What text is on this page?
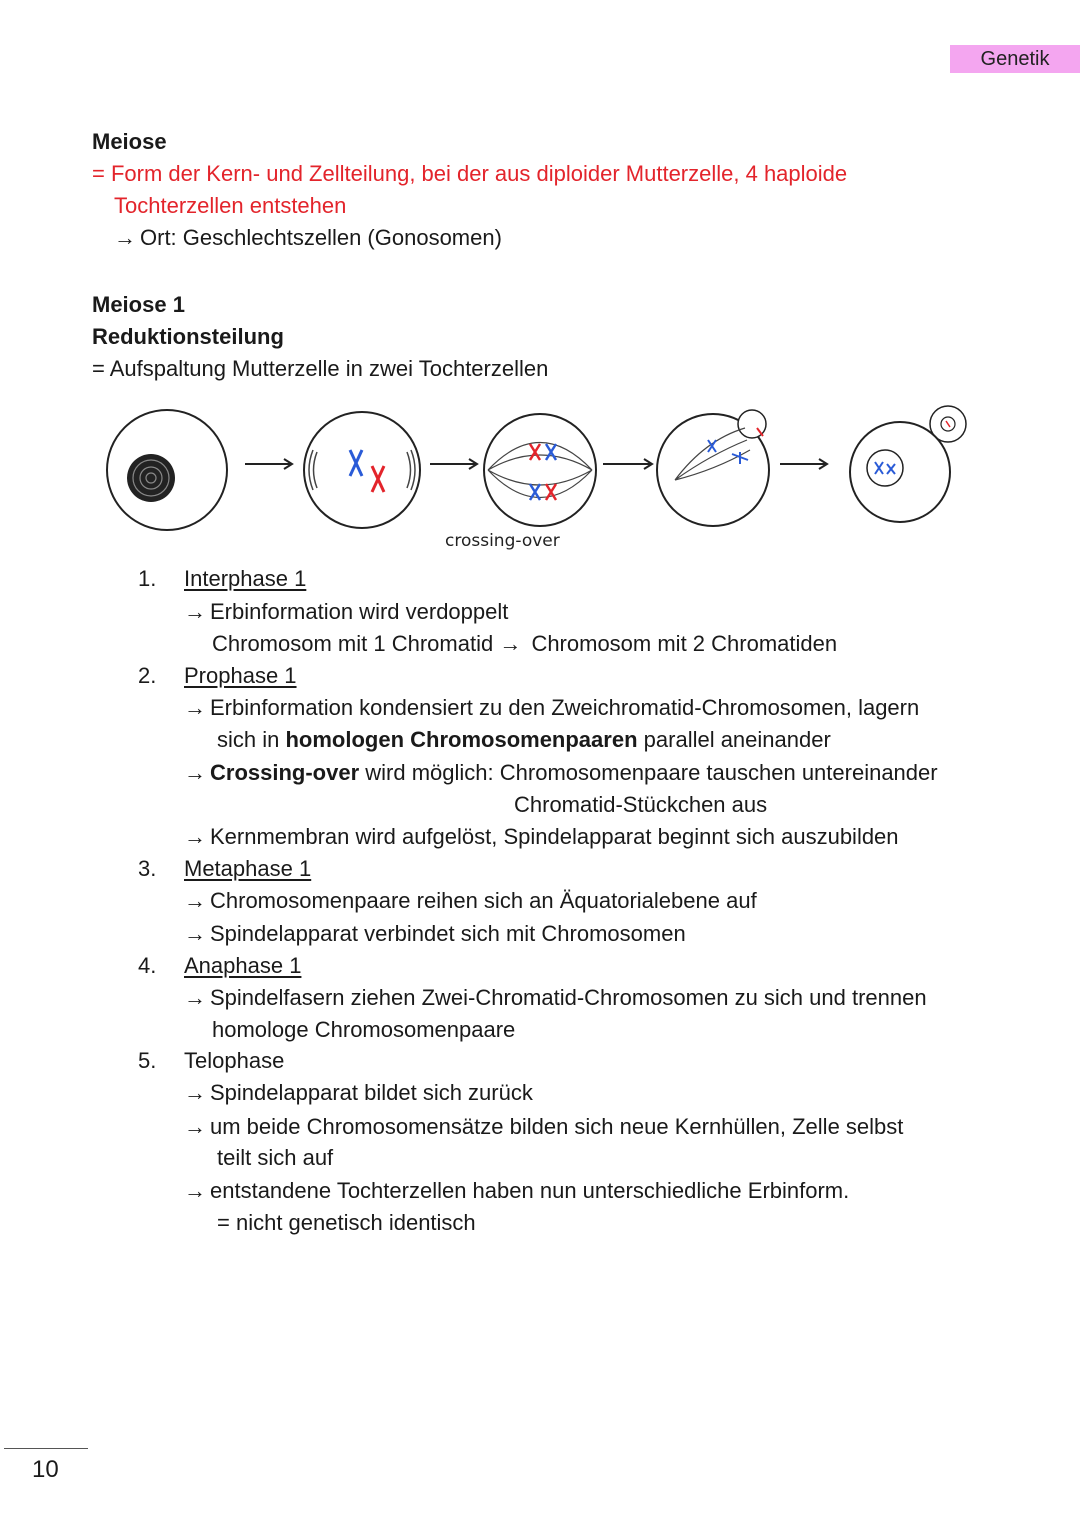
Genetik
Meiose
= Form der Kern- und Zellteilung, bei der aus diploider Mutterzelle, 4 haploide
Tochterzellen entstehen
→ Ort: Geschlechtszellen (Gonosomen)
Meiose 1
Reduktionsteilung
= Aufspaltung Mutterzelle in zwei Tochterzellen
crossing-over
1. Interphase 1
→ Erbinformation wird verdoppelt
Chromosom mit 1 Chromatid → Chromosom mit 2 Chromatiden
2. Prophase 1
→ Erbinformation kondensiert zu den Zweichromatid-Chromosomen, lagern
sich in homologen Chromosomenpaaren parallel aneinander
→ Crossing-over wird möglich: Chromosomenpaare tauschen untereinander
Chromatid-Stückchen aus
→ Kernmembran wird aufgelöst, Spindelapparat beginnt sich auszubilden
3. Metaphase 1
→ Chromosomenpaare reihen sich an Äquatorialebene auf
→ Spindelapparat verbindet sich mit Chromosomen
4. Anaphase 1
→ Spindelfasern ziehen Zwei-Chromatid-Chromosomen zu sich und trennen
homologe Chromosomenpaare
5. Telophase
→ Spindelapparat bildet sich zurück
→ um beide Chromosomensätze bilden sich neue Kernhüllen, Zelle selbst
teilt sich auf
→ entstandene Tochterzellen haben nun unterschiedliche Erbinform.
= nicht genetisch identisch
10
